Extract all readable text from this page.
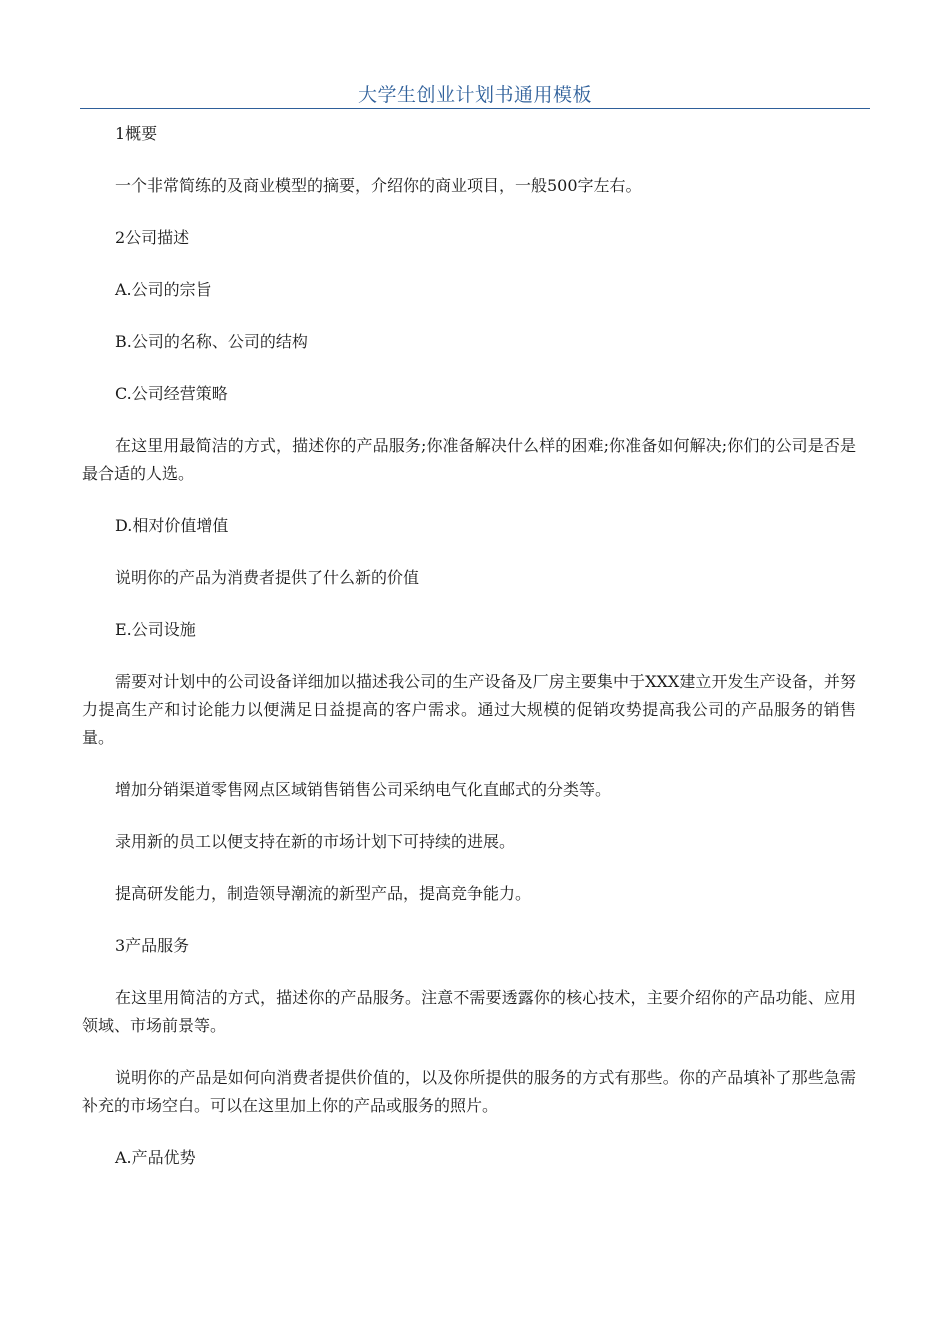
大学生创业计划书通用模板

1概要

一个非常简练的及商业模型的摘要，介绍你的商业项目，一般500字左右。

2公司描述

A.公司的宗旨

B.公司的名称、公司的结构

C.公司经营策略

在这里用最简洁的方式，描述你的产品服务;你准备解决什么样的困难;你准备如何解决;你们的公司是否是最合适的人选。

D.相对价值增值

说明你的产品为消费者提供了什么新的价值

E.公司设施

需要对计划中的公司设备详细加以描述我公司的生产设备及厂房主要集中于XXX建立开发生产设备，并努力提高生产和讨论能力以便满足日益提高的客户需求。通过大规模的促销攻势提高我公司的产品服务的销售量。

增加分销渠道零售网点区域销售销售公司采纳电气化直邮式的分类等。

录用新的员工以便支持在新的市场计划下可持续的进展。

提高研发能力，制造领导潮流的新型产品，提高竞争能力。

3产品服务

在这里用简洁的方式，描述你的产品服务。注意不需要透露你的核心技术，主要介绍你的产品功能、应用领域、市场前景等。

说明你的产品是如何向消费者提供价值的，以及你所提供的服务的方式有那些。你的产品填补了那些急需补充的市场空白。可以在这里加上你的产品或服务的照片。

A.产品优势
